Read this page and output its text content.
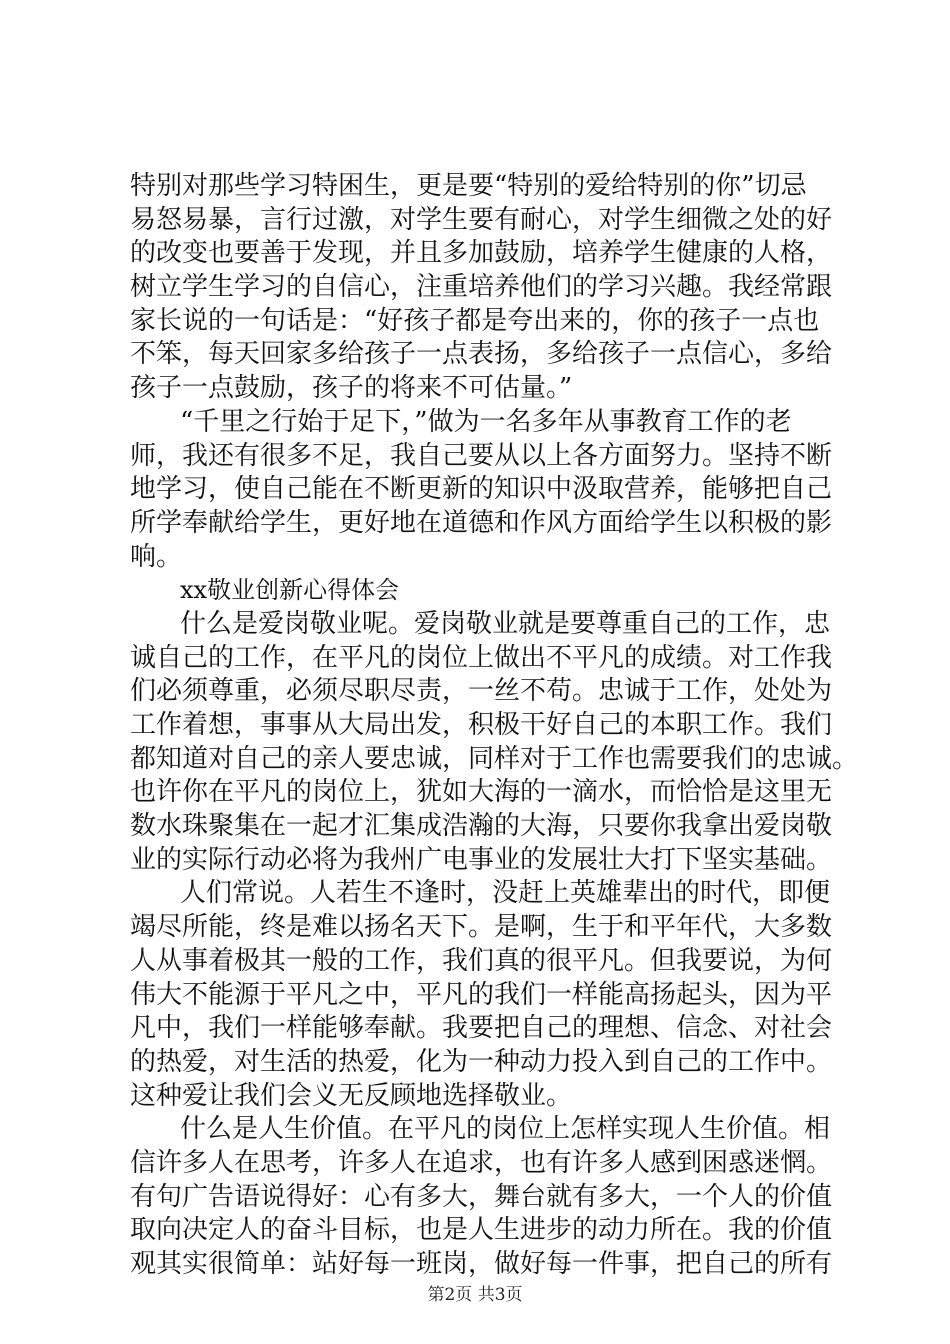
特别对那些学习特困生，更是要“特别的爱给特别的你”切忌
易怒易暴，言行过激，对学生要有耐心，对学生细微之处的好
的改变也要善于发现，并且多加鼓励，培养学生健康的人格，
树立学生学习的自信心，注重培养他们的学习兴趣。我经常跟
家长说的一句话是：“好孩子都是夸出来的，你的孩子一点也
不笨，每天回家多给孩子一点表扬，多给孩子一点信心，多给
孩子一点鼓励，孩子的将来不可估量。”
“千里之行始于足下，”做为一名多年从事教育工作的老
师，我还有很多不足，我自己要从以上各方面努力。坚持不断
地学习，使自己能在不断更新的知识中汲取营养，能够把自己
所学奉献给学生，更好地在道德和作风方面给学生以积极的影
响。
xx敬业创新心得体会
什么是爱岗敬业呢。爱岗敬业就是要尊重自己的工作，忠
诚自己的工作，在平凡的岗位上做出不平凡的成绩。对工作我
们必须尊重，必须尽职尽责，一丝不苟。忠诚于工作，处处为
工作着想，事事从大局出发，积极干好自己的本职工作。我们
都知道对自己的亲人要忠诚，同样对于工作也需要我们的忠诚。
也许你在平凡的岗位上，犹如大海的一滴水，而恰恰是这里无
数水珠聚集在一起才汇集成浩瀚的大海，只要你我拿出爱岗敬
业的实际行动必将为我州广电事业的发展壮大打下坚实基础。
人们常说。人若生不逢时，没赶上英雄辈出的时代，即便
竭尽所能，终是难以扬名天下。是啊，生于和平年代，大多数
人从事着极其一般的工作，我们真的很平凡。但我要说，为何
伟大不能源于平凡之中，平凡的我们一样能高扬起头，因为平
凡中，我们一样能够奉献。我要把自己的理想、信念、对社会
的热爱，对生活的热爱，化为一种动力投入到自己的工作中。
这种爱让我们会义无反顾地选择敬业。
什么是人生价值。在平凡的岗位上怎样实现人生价值。相
信许多人在思考，许多人在追求，也有许多人感到困惑迷惘。
有句广告语说得好：心有多大，舞台就有多大，一个人的价值
取向决定人的奋斗目标，也是人生进步的动力所在。我的价值
观其实很简单：站好每一班岗，做好每一件事，把自己的所有
第2页 共3页
